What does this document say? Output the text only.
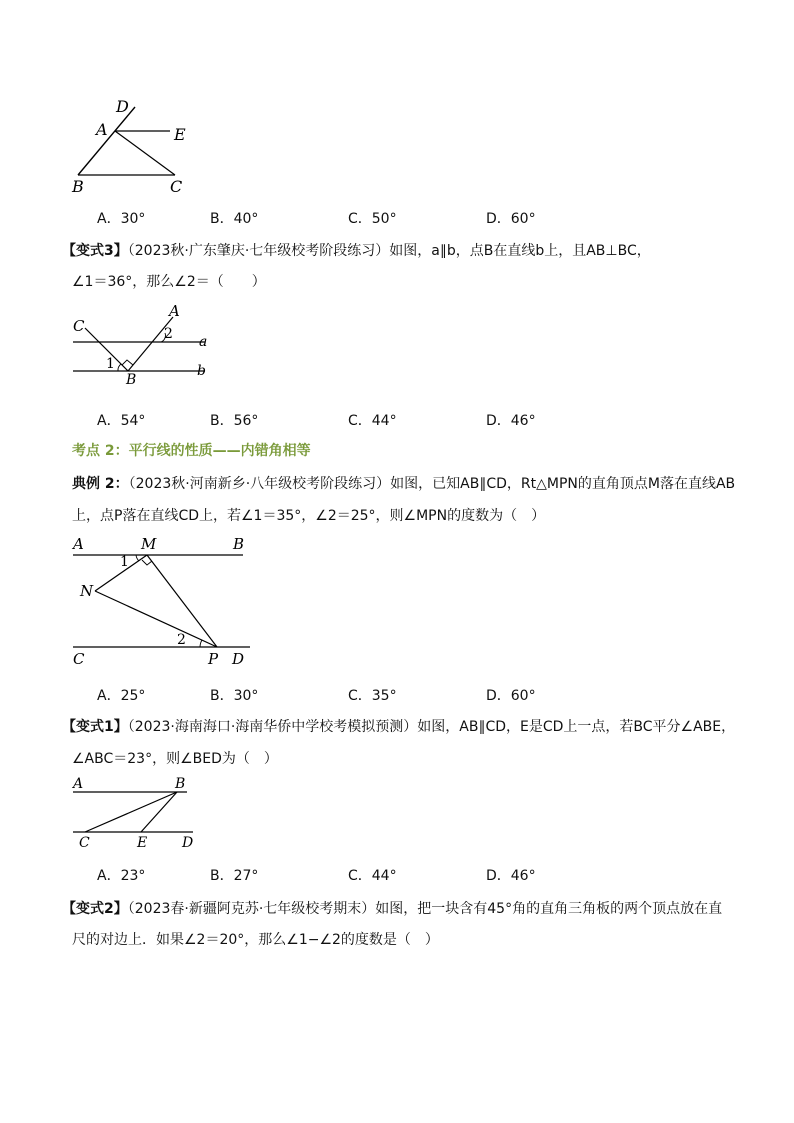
D
A	E
B	C
A．30°	B．40°	C．50°	D．60°
【变式3】（2023秋·广东肇庆·七年级校考阶段练习）如图，a∥b，点B在直线b上，且AB⊥BC，
∠1＝36°，那么∠2＝（　　）
C
A
2 a
1
B
b
A．54°	B．56°	C．44°	D．46°
考点 2：平行线的性质——内错角相等
典例 2：（2023秋·河南新乡·八年级校考阶段练习）如图，已知AB∥CD，Rt△MPN的直角顶点M落在直线AB
上，点P落在直线CD上，若∠1＝35°，∠2＝25°，则∠MPN的度数为（　）
A	M	B
1
N
2
C	P D
A．25°	B．30°	C．35°	D．60°
【变式1】（2023·海南海口·海南华侨中学校考模拟预测）如图，AB∥CD，E是CD上一点，若BC平分∠ABE，
∠ABC＝23°，则∠BED为（　）
A	B
C	E D
A．23°	B．27°	C．44°	D．46°
【变式2】（2023春·新疆阿克苏·七年级校考期末）如图，把一块含有45°角的直角三角板的两个顶点放在直
尺的对边上．如果∠2＝20°，那么∠1−∠2的度数是（　）
